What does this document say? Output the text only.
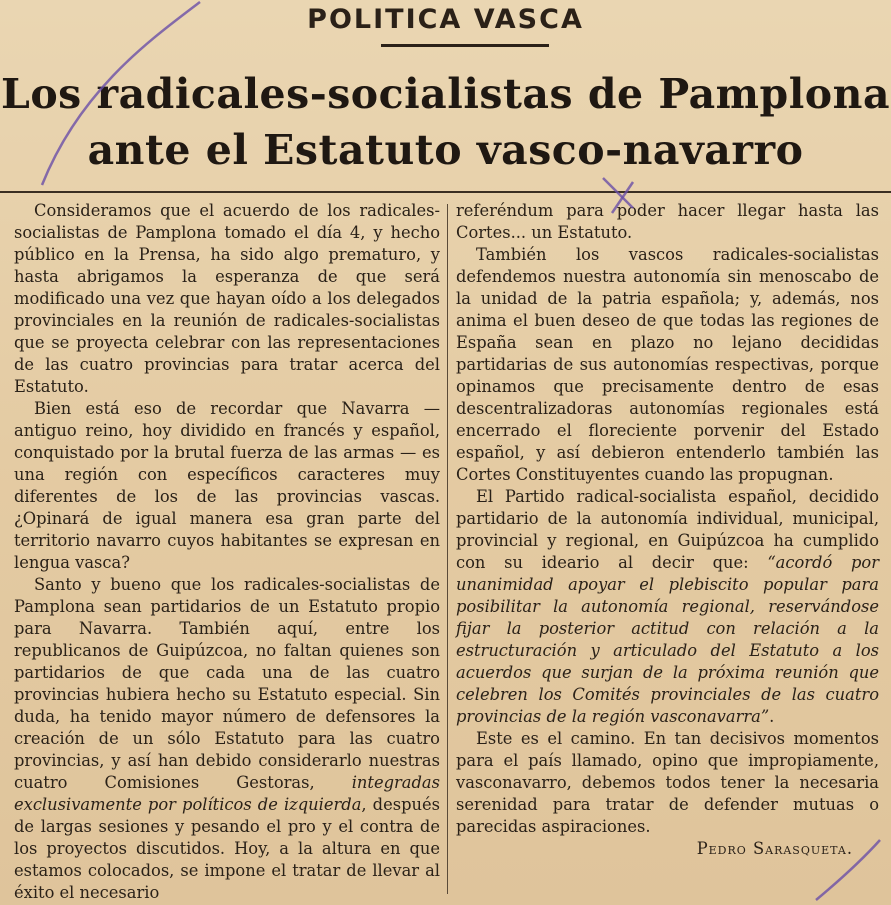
POLITICA VASCA
Los radicales-socialistas de Pamplona
ante el Estatuto vasco-navarro

Consideramos que el acuerdo de los radicales-socialistas de Pamplona tomado el día 4, y hecho público en la Prensa, ha sido algo prematuro, y hasta abrigamos la esperanza de que será modificado una vez que hayan oído a los delegados provinciales en la reunión de radicales-socialistas que se proyecta celebrar con las representaciones de las cuatro provincias para tratar acerca del Estatuto.

Bien está eso de recordar que Navarra — antiguo reino, hoy dividido en francés y español, conquistado por la brutal fuerza de las armas — es una región con específicos caracteres muy diferentes de los de las provincias vascas. ¿Opinará de igual manera esa gran parte del territorio navarro cuyos habitantes se expresan en lengua vasca?

Santo y bueno que los radicales-socialistas de Pamplona sean partidarios de un Estatuto propio para Navarra. También aquí, entre los republicanos de Guipúzcoa, no faltan quienes son partidarios de que cada una de las cuatro provincias hubiera hecho su Estatuto especial. Sin duda, ha tenido mayor número de defensores la creación de un sólo Estatuto para las cuatro provincias, y así han debido considerarlo nuestras cuatro Comisiones Gestoras, integradas exclusivamente por políticos de izquierda, después de largas sesiones y pesando el pro y el contra de los proyectos discutidos. Hoy, a la altura en que estamos colocados, se impone el tratar de llevar al éxito el necesario

referéndum para poder hacer llegar hasta las Cortes... un Estatuto.

También los vascos radicales-socialistas defendemos nuestra autonomía sin menoscabo de la unidad de la patria española; y, además, nos anima el buen deseo de que todas las regiones de España sean en plazo no lejano decididas partidarias de sus autonomías respectivas, porque opinamos que precisamente dentro de esas descentralizadoras autonomías regionales está encerrado el floreciente porvenir del Estado español, y así debieron entenderlo también las Cortes Constituyentes cuando las propugnan.

El Partido radical-socialista español, decidido partidario de la autonomía individual, municipal, provincial y regional, en Guipúzcoa ha cumplido con su ideario al decir que: “acordó por unanimidad apoyar el plebiscito popular para posibilitar la autonomía regional, reservándose fijar la posterior actitud con relación a la estructuración y articulado del Estatuto a los acuerdos que surjan de la próxima reunión que celebren los Comités provinciales de las cuatro provincias de la región vasconavarra”.

Este es el camino. En tan decisivos momentos para el país llamado, opino que impropiamente, vasconavarro, debemos todos tener la necesaria serenidad para tratar de defender mutuas o parecidas aspiraciones.

Pedro Sarasqueta.
